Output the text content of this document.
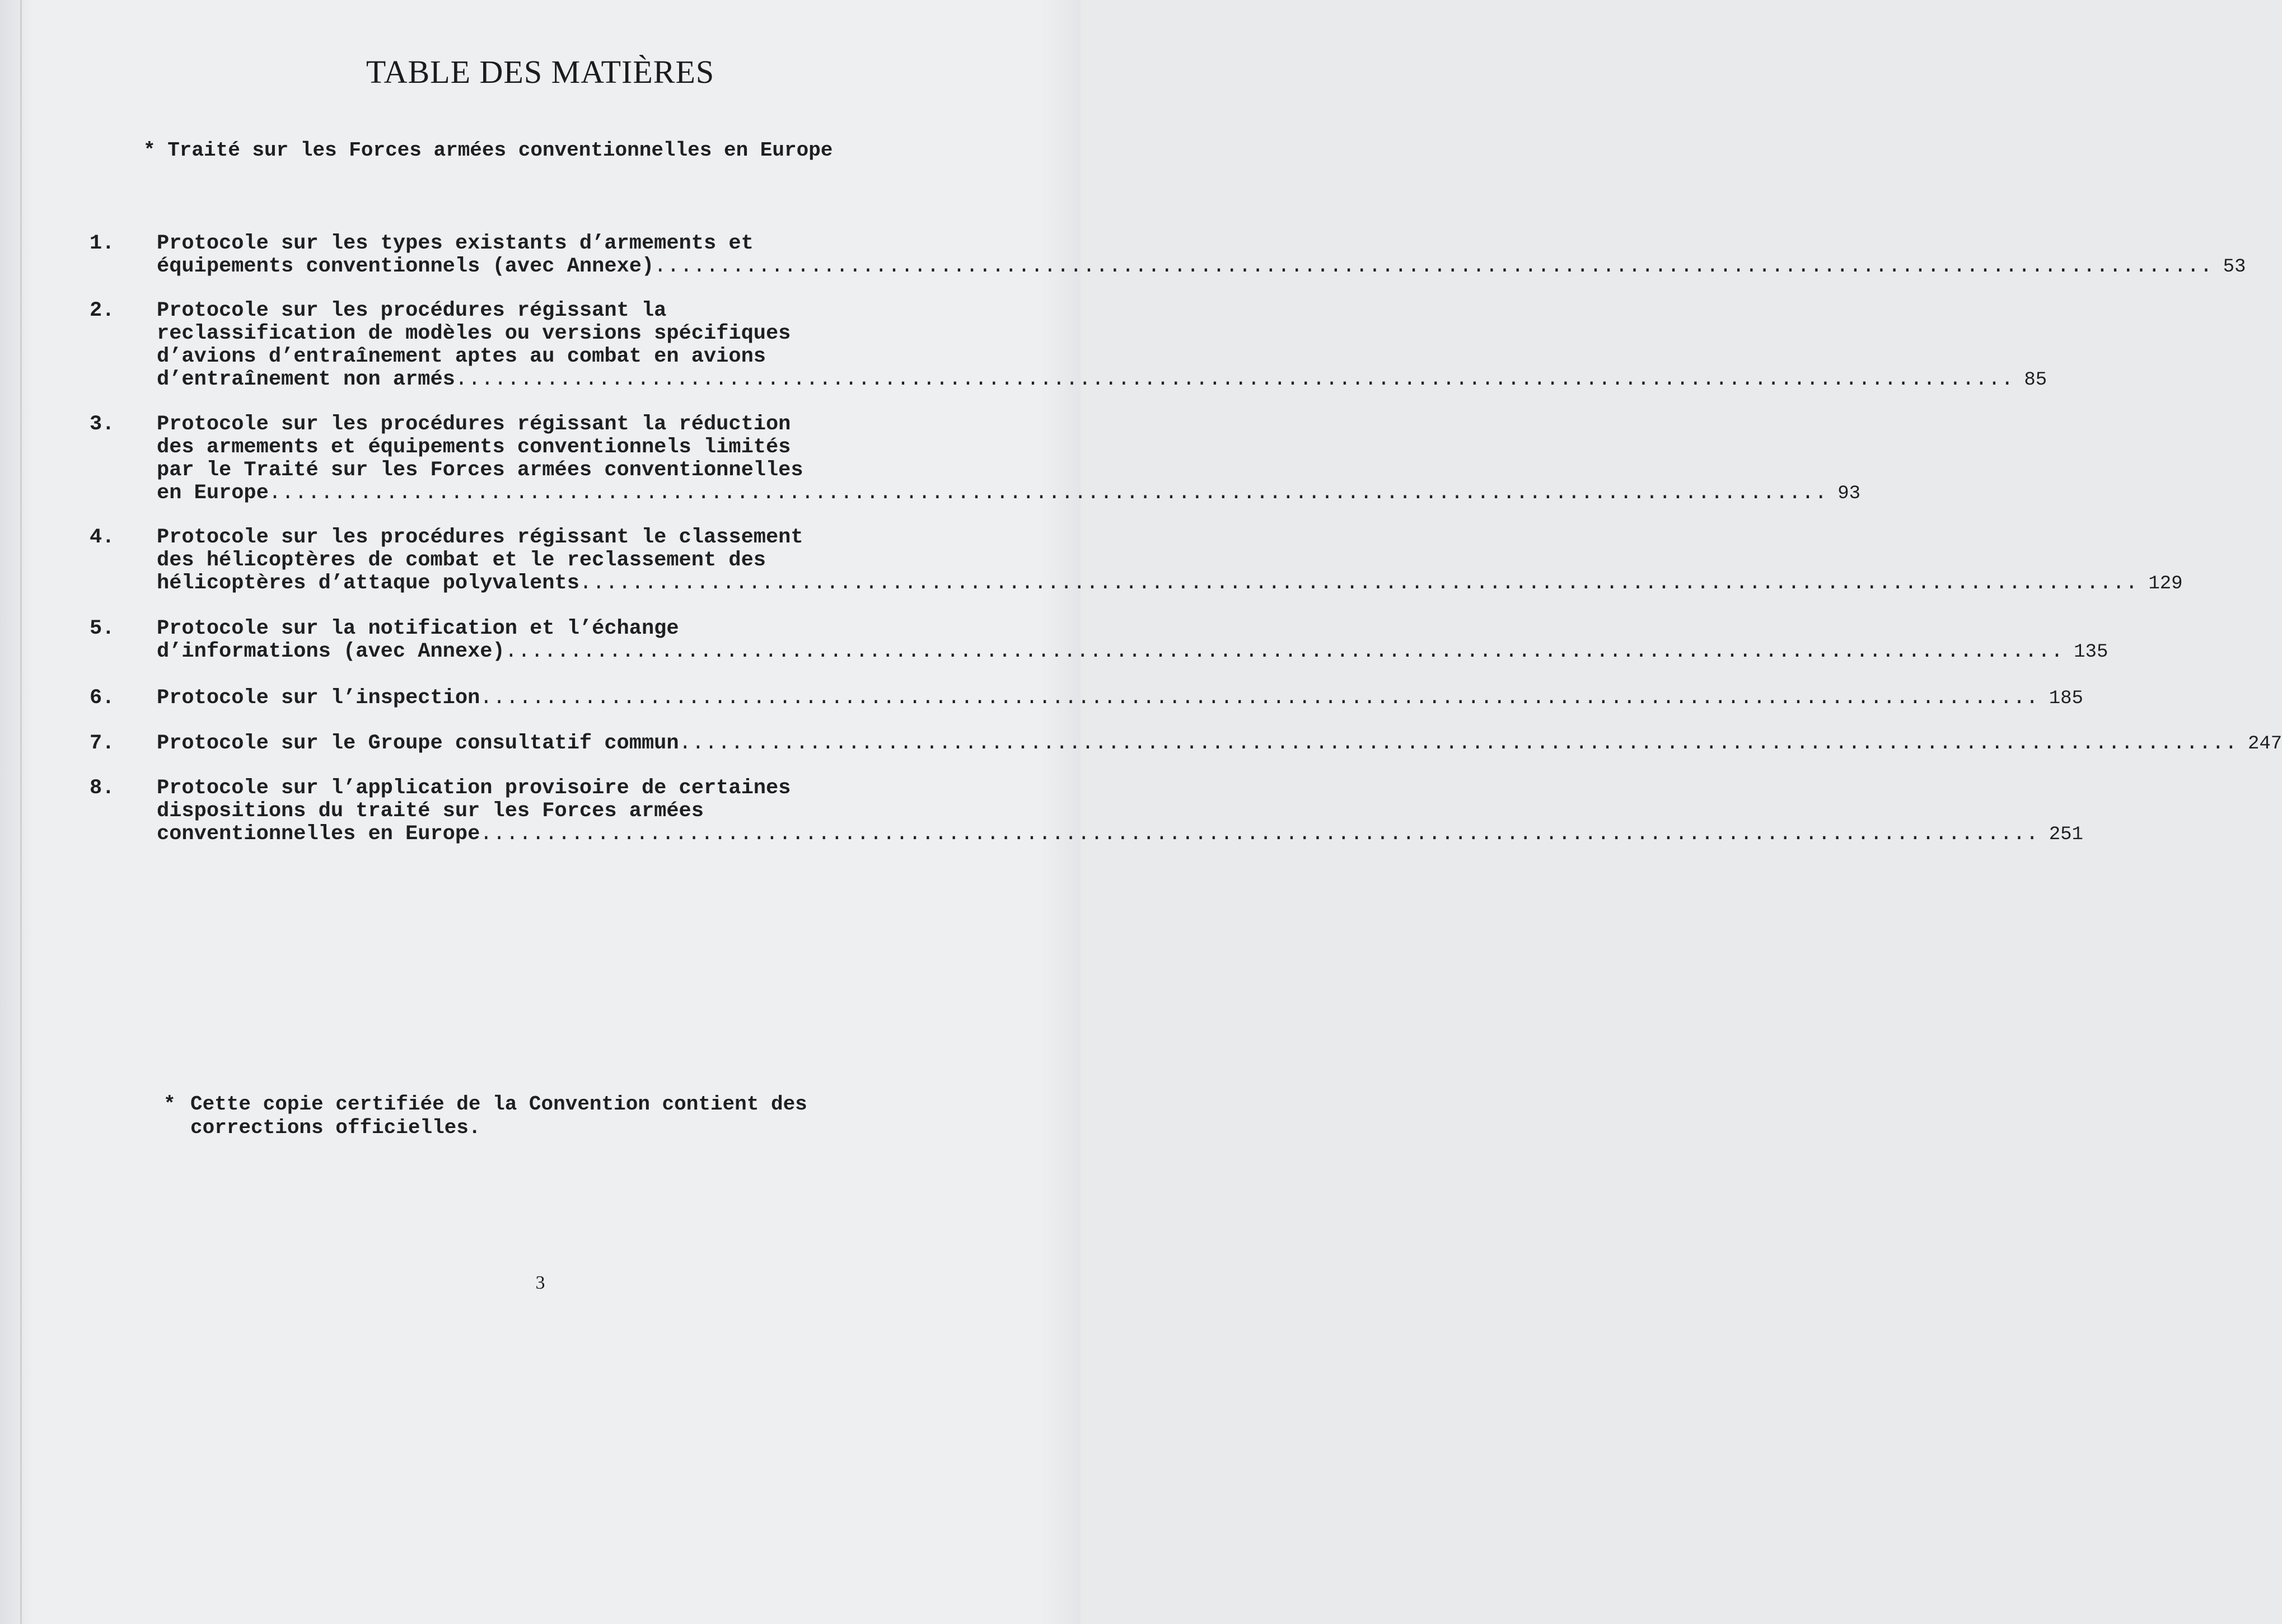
TABLE DES MATIÈRES
* Traité sur les Forces armées conventionnelles en Europe
1. Protocole sur les types existants d’armements et
équipements conventionnels (avec Annexe) ........................................................................................................................ 53
2. Protocole sur les procédures régissant la
reclassification de modèles ou versions spécifiques
d’avions d’entraînement aptes au combat en avions
d’entraînement non armés ........................................................................................................................ 85
3. Protocole sur les procédures régissant la réduction
des armements et équipements conventionnels limités
par le Traité sur les Forces armées conventionnelles
en Europe ........................................................................................................................ 93
4. Protocole sur les procédures régissant le classement
des hélicoptères de combat et le reclassement des
hélicoptères d’attaque polyvalents ........................................................................................................................ 129
5. Protocole sur la notification et l’échange
d’informations (avec Annexe) ........................................................................................................................ 135
6. Protocole sur l’inspection ........................................................................................................................ 185
7. Protocole sur le Groupe consultatif commun ........................................................................................................................ 247
8. Protocole sur l’application provisoire de certaines
dispositions du traité sur les Forces armées
conventionnelles en Europe ........................................................................................................................ 251
* Cette copie certifiée de la Convention contient des
corrections officielles.
3
